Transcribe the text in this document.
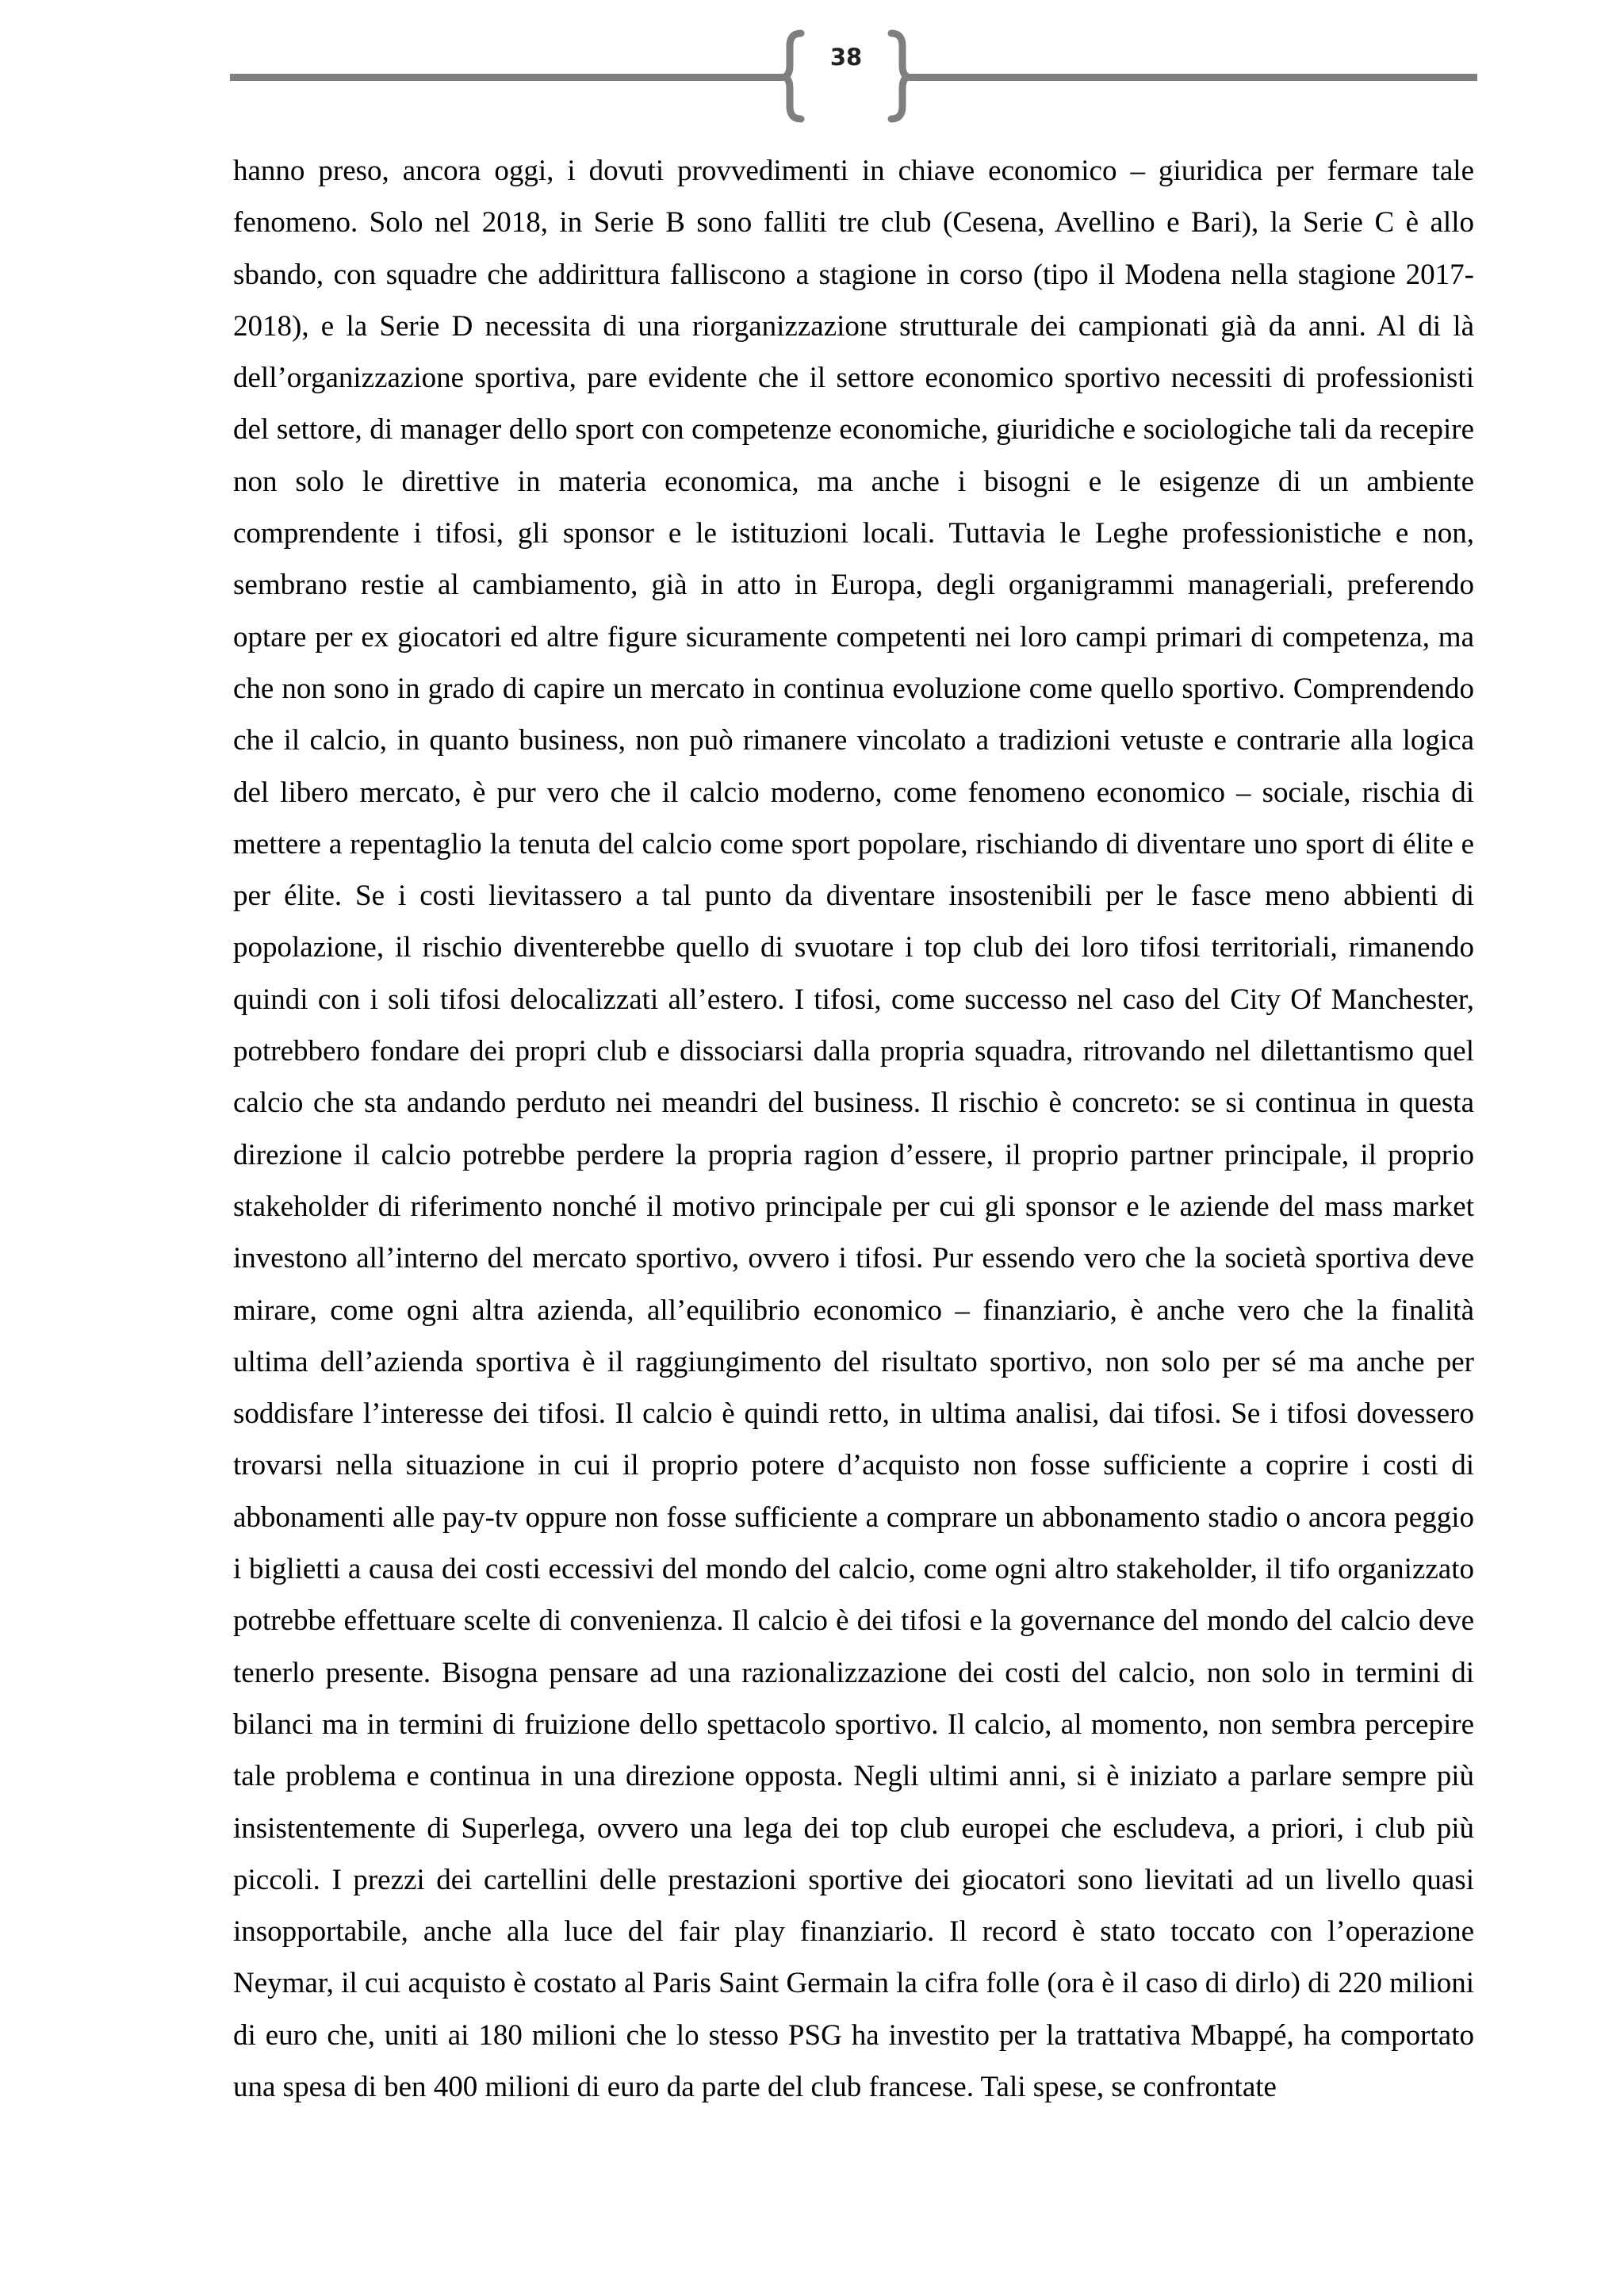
38

hanno preso, ancora oggi, i dovuti provvedimenti in chiave economico – giuridica per fermare tale fenomeno. Solo nel 2018, in Serie B sono falliti tre club (Cesena, Avellino e Bari), la Serie C è allo sbando, con squadre che addirittura falliscono a stagione in corso (tipo il Modena nella stagione 2017-2018), e la Serie D necessita di una riorganizzazione strutturale dei campionati già da anni. Al di là dell’organizzazione sportiva, pare evidente che il settore economico sportivo necessiti di professionisti del settore, di manager dello sport con competenze economiche, giuridiche e sociologiche tali da recepire non solo le direttive in materia economica, ma anche i bisogni e le esigenze di un ambiente comprendente i tifosi, gli sponsor e le istituzioni locali. Tuttavia le Leghe professionistiche e non, sembrano restie al cambiamento, già in atto in Europa, degli organigrammi manageriali, preferendo optare per ex giocatori ed altre figure sicuramente competenti nei loro campi primari di competenza, ma che non sono in grado di capire un mercato in continua evoluzione come quello sportivo. Comprendendo che il calcio, in quanto business, non può rimanere vincolato a tradizioni vetuste e contrarie alla logica del libero mercato, è pur vero che il calcio moderno, come fenomeno economico – sociale, rischia di mettere a repentaglio la tenuta del calcio come sport popolare, rischiando di diventare uno sport di élite e per élite. Se i costi lievitassero a tal punto da diventare insostenibili per le fasce meno abbienti di popolazione, il rischio diventerebbe quello di svuotare i top club dei loro tifosi territoriali, rimanendo quindi con i soli tifosi delocalizzati all’estero. I tifosi, come successo nel caso del City Of Manchester, potrebbero fondare dei propri club e dissociarsi dalla propria squadra, ritrovando nel dilettantismo quel calcio che sta andando perduto nei meandri del business. Il rischio è concreto: se si continua in questa direzione il calcio potrebbe perdere la propria ragion d’essere, il proprio partner principale, il proprio stakeholder di riferimento nonché il motivo principale per cui gli sponsor e le aziende del mass market investono all’interno del mercato sportivo, ovvero i tifosi. Pur essendo vero che la società sportiva deve mirare, come ogni altra azienda, all’equilibrio economico – finanziario, è anche vero che la finalità ultima dell’azienda sportiva è il raggiungimento del risultato sportivo, non solo per sé ma anche per soddisfare l’interesse dei tifosi. Il calcio è quindi retto, in ultima analisi, dai tifosi. Se i tifosi dovessero trovarsi nella situazione in cui il proprio potere d’acquisto non fosse sufficiente a coprire i costi di abbonamenti alle pay-tv oppure non fosse sufficiente a comprare un abbonamento stadio o ancora peggio i biglietti a causa dei costi eccessivi del mondo del calcio, come ogni altro stakeholder, il tifo organizzato potrebbe effettuare scelte di convenienza. Il calcio è dei tifosi e la governance del mondo del calcio deve tenerlo presente. Bisogna pensare ad una razionalizzazione dei costi del calcio, non solo in termini di bilanci ma in termini di fruizione dello spettacolo sportivo. Il calcio, al momento, non sembra percepire tale problema e continua in una direzione opposta. Negli ultimi anni, si è iniziato a parlare sempre più insistentemente di Superlega, ovvero una lega dei top club europei che escludeva, a priori, i club più piccoli. I prezzi dei cartellini delle prestazioni sportive dei giocatori sono lievitati ad un livello quasi insopportabile, anche alla luce del fair play finanziario. Il record è stato toccato con l’operazione Neymar, il cui acquisto è costato al Paris Saint Germain la cifra folle (ora è il caso di dirlo) di 220 milioni di euro che, uniti ai 180 milioni che lo stesso PSG ha investito per la trattativa Mbappé, ha comportato una spesa di ben 400 milioni di euro da parte del club francese. Tali spese, se confrontate
